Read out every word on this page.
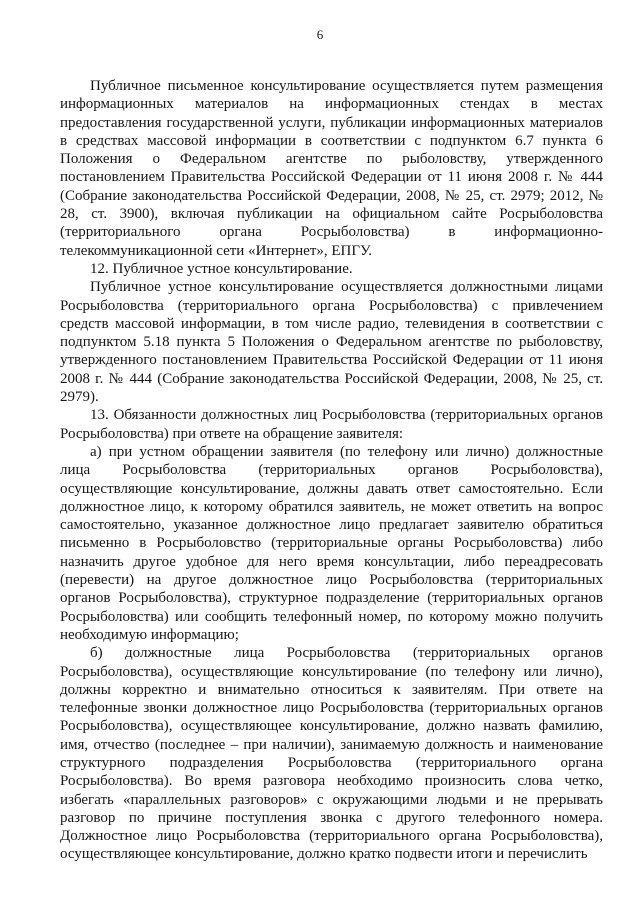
6

Публичное письменное консультирование осуществляется путем размещения информационных материалов на информационных стендах в местах предоставления государственной услуги, публикации информационных материалов в средствах массовой информации в соответствии с подпунктом 6.7 пункта 6 Положения о Федеральном агентстве по рыболовству, утвержденного постановлением Правительства Российской Федерации от 11 июня 2008 г. № 444 (Собрание законодательства Российской Федерации, 2008, № 25, ст. 2979; 2012, № 28, ст. 3900), включая публикации на официальном сайте Росрыболовства (территориального органа Росрыболовства) в информационно-телекоммуникационной сети «Интернет», ЕПГУ.

12. Публичное устное консультирование.

Публичное устное консультирование осуществляется должностными лицами Росрыболовства (территориального органа Росрыболовства) с привлечением средств массовой информации, в том числе радио, телевидения в соответствии с подпунктом 5.18 пункта 5 Положения о Федеральном агентстве по рыболовству, утвержденного постановлением Правительства Российской Федерации от 11 июня 2008 г. № 444 (Собрание законодательства Российской Федерации, 2008, № 25, ст. 2979).

13. Обязанности должностных лиц Росрыболовства (территориальных органов Росрыболовства) при ответе на обращение заявителя:

а) при устном обращении заявителя (по телефону или лично) должностные лица Росрыболовства (территориальных органов Росрыболовства), осуществляющие консультирование, должны давать ответ самостоятельно. Если должностное лицо, к которому обратился заявитель, не может ответить на вопрос самостоятельно, указанное должностное лицо предлагает заявителю обратиться письменно в Росрыболовство (территориальные органы Росрыболовства) либо назначить другое удобное для него время консультации, либо переадресовать (перевести) на другое должностное лицо Росрыболовства (территориальных органов Росрыболовства), структурное подразделение (территориальных органов Росрыболовства) или сообщить телефонный номер, по которому можно получить необходимую информацию;

б) должностные лица Росрыболовства (территориальных органов Росрыболовства), осуществляющие консультирование (по телефону или лично), должны корректно и внимательно относиться к заявителям. При ответе на телефонные звонки должностное лицо Росрыболовства (территориальных органов Росрыболовства), осуществляющее консультирование, должно назвать фамилию, имя, отчество (последнее – при наличии), занимаемую должность и наименование структурного подразделения Росрыболовства (территориального органа Росрыболовства). Во время разговора необходимо произносить слова четко, избегать «параллельных разговоров» с окружающими людьми и не прерывать разговор по причине поступления звонка с другого телефонного номера. Должностное лицо Росрыболовства (территориального органа Росрыболовства), осуществляющее консультирование, должно кратко подвести итоги и перечислить
